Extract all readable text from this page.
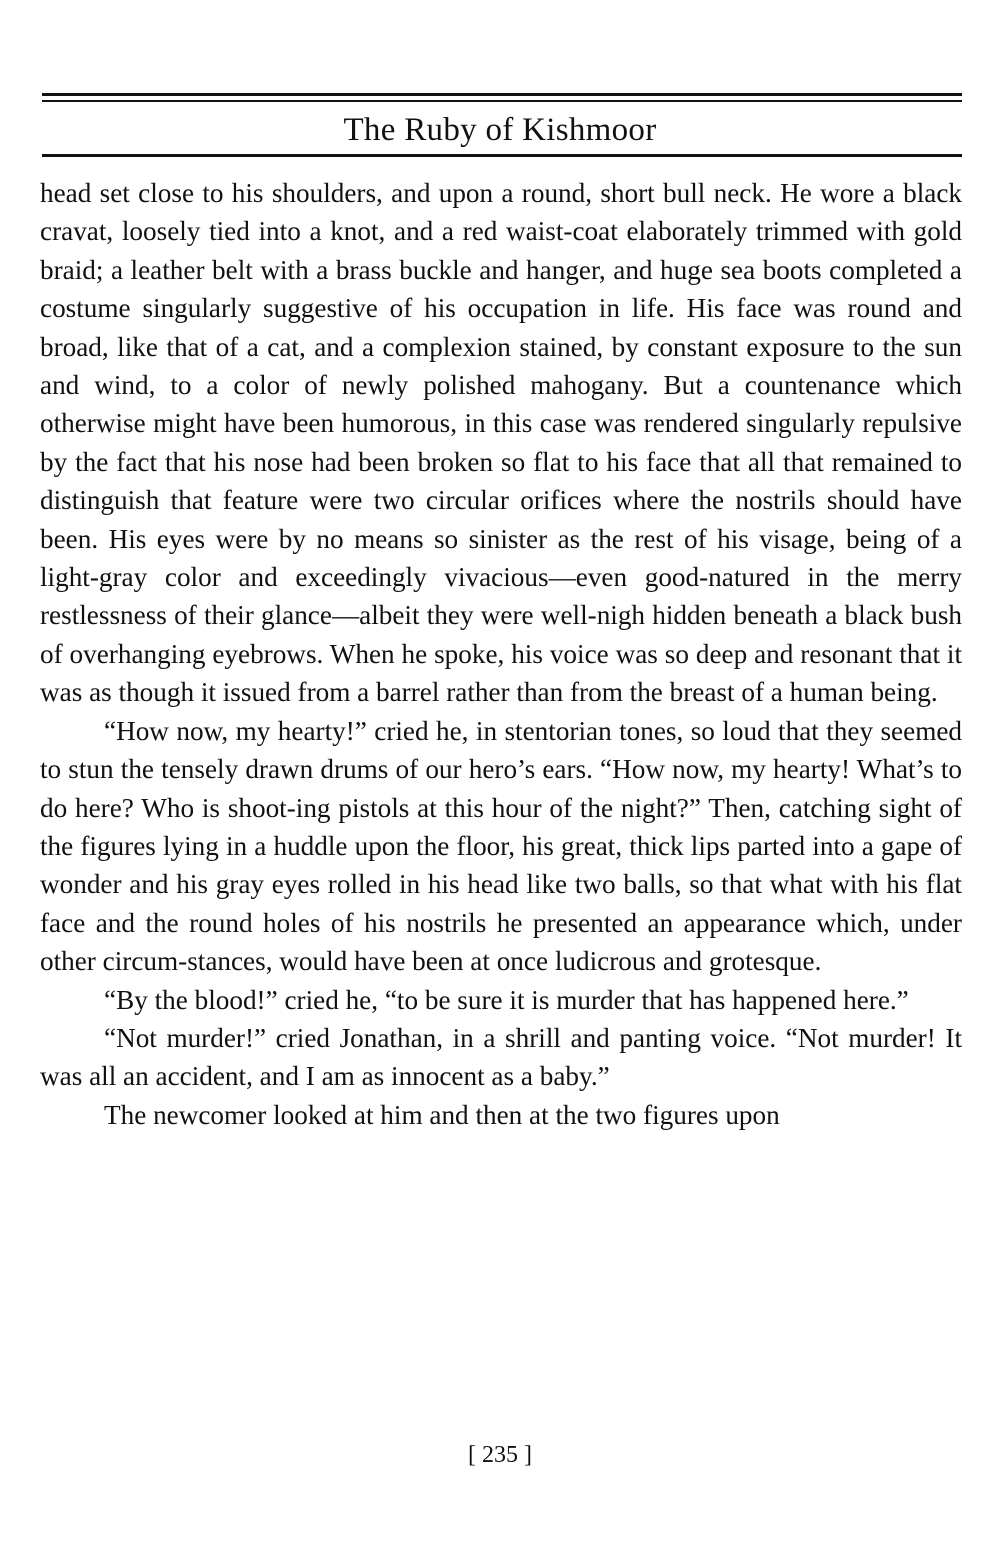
The Ruby of Kishmoor

head set close to his shoulders, and upon a round, short bull neck. He wore a black cravat, loosely tied into a knot, and a red waist-coat elaborately trimmed with gold braid; a leather belt with a brass buckle and hanger, and huge sea boots completed a costume singularly suggestive of his occupation in life. His face was round and broad, like that of a cat, and a complexion stained, by constant exposure to the sun and wind, to a color of newly polished mahogany. But a countenance which otherwise might have been humorous, in this case was rendered singularly repulsive by the fact that his nose had been broken so flat to his face that all that remained to distinguish that feature were two circular orifices where the nostrils should have been. His eyes were by no means so sinister as the rest of his visage, being of a light-gray color and exceedingly vivacious—even good-natured in the merry restlessness of their glance—albeit they were well-nigh hidden beneath a black bush of overhanging eyebrows. When he spoke, his voice was so deep and resonant that it was as though it issued from a barrel rather than from the breast of a human being.

“How now, my hearty!” cried he, in stentorian tones, so loud that they seemed to stun the tensely drawn drums of our hero’s ears. “How now, my hearty! What’s to do here? Who is shoot-ing pistols at this hour of the night?” Then, catching sight of the figures lying in a huddle upon the floor, his great, thick lips parted into a gape of wonder and his gray eyes rolled in his head like two balls, so that what with his flat face and the round holes of his nostrils he presented an appearance which, under other circum-stances, would have been at once ludicrous and grotesque.

“By the blood!” cried he, “to be sure it is murder that has happened here.”

“Not murder!” cried Jonathan, in a shrill and panting voice. “Not murder! It was all an accident, and I am as innocent as a baby.”

The newcomer looked at him and then at the two figures upon

[ 235 ]
